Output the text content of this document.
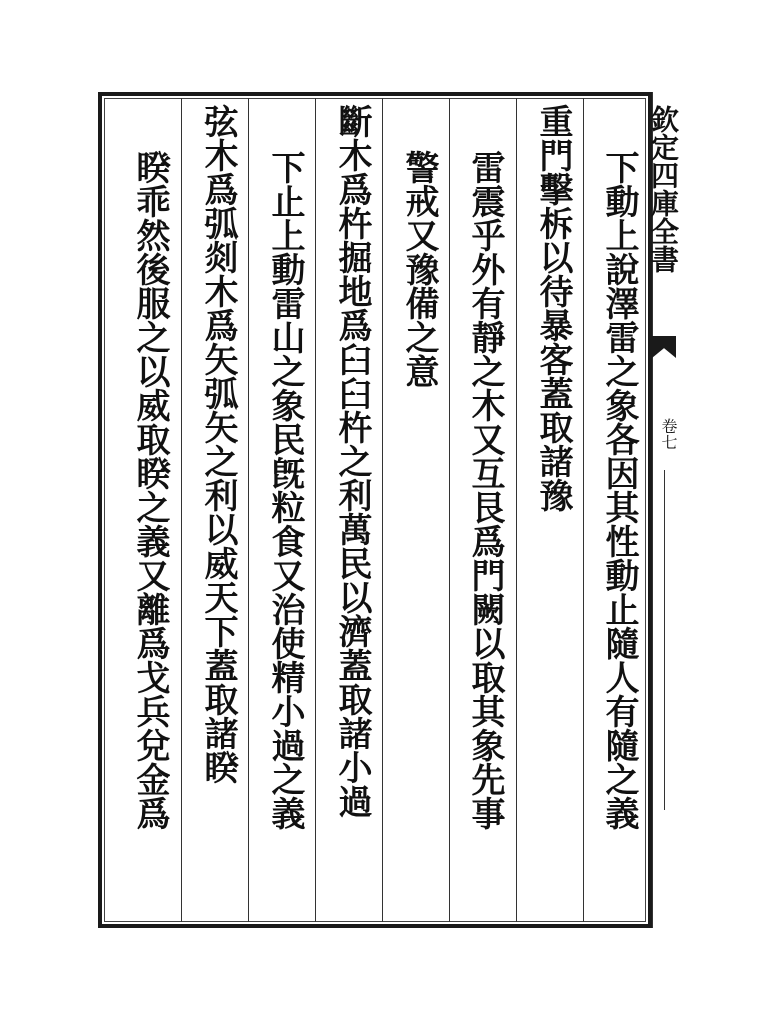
下動上說澤雷之象各因其性動止隨人有隨之義
重門擊柝以待暴客蓋取諸豫
雷震乎外有靜之木又互艮爲門闕以取其象先事
警戒又豫備之意
斷木爲杵掘地爲臼臼杵之利萬民以濟蓋取諸小過
下止上動雷山之象民旣粒食又治使精小過之義
弦木爲弧剡木爲矢弧矢之利以威天下蓋取諸睽
睽乖然後服之以威取睽之義又離爲戈兵兌金爲	欽定四庫全書
卷七
